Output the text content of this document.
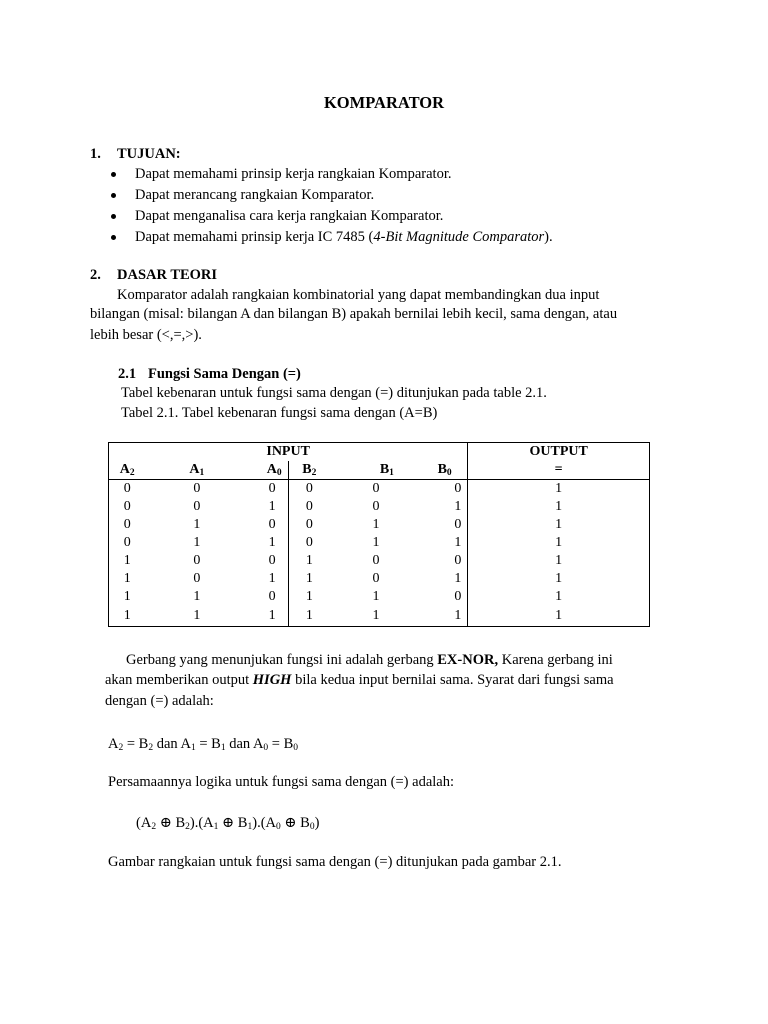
KOMPARATOR
1. TUJUAN:
Dapat memahami prinsip kerja rangkaian Komparator.
Dapat merancang rangkaian Komparator.
Dapat menganalisa cara kerja rangkaian Komparator.
Dapat memahami prinsip kerja IC 7485 (4-Bit Magnitude Comparator).
2. DASAR TEORI
Komparator adalah rangkaian kombinatorial yang dapat membandingkan dua input
bilangan (misal: bilangan A dan bilangan B) apakah bernilai lebih kecil, sama dengan, atau
lebih besar (<,=,>).
2.1 Fungsi Sama Dengan (=)
Tabel kebenaran untuk fungsi sama dengan (=) ditunjukan pada table 2.1.
Tabel 2.1. Tabel kebenaran fungsi sama dengan (A=B)
INPUT						OUTPUT
$A_2$	$A_1$	$A_0$	$B_2$	$B_1$	$B_0$	=
0	0	0	0	0	0	1
0	0	1	0	0	1	1
0	1	0	0	1	0	1
0	1	1	0	1	1	1
1	0	0	1	0	0	1
1	0	1	1	0	1	1
1	1	0	1	1	0	1
1	1	1	1	1	1	1
Gerbang yang menunjukan fungsi ini adalah gerbang EX-NOR, Karena gerbang ini
akan memberikan output HIGH bila kedua input bernilai sama. Syarat dari fungsi sama
dengan (=) adalah:
$A_2 = B_2$ dan $A_1 = B_1$ dan $A_0 = B_0$
Persamaannya logika untuk fungsi sama dengan (=) adalah:
($A_2$ ⊕ $B_2).(A_1$ ⊕ $B_1).(A_0$ ⊕ $B_0$)
Gambar rangkaian untuk fungsi sama dengan (=) ditunjukan pada gambar 2.1.
